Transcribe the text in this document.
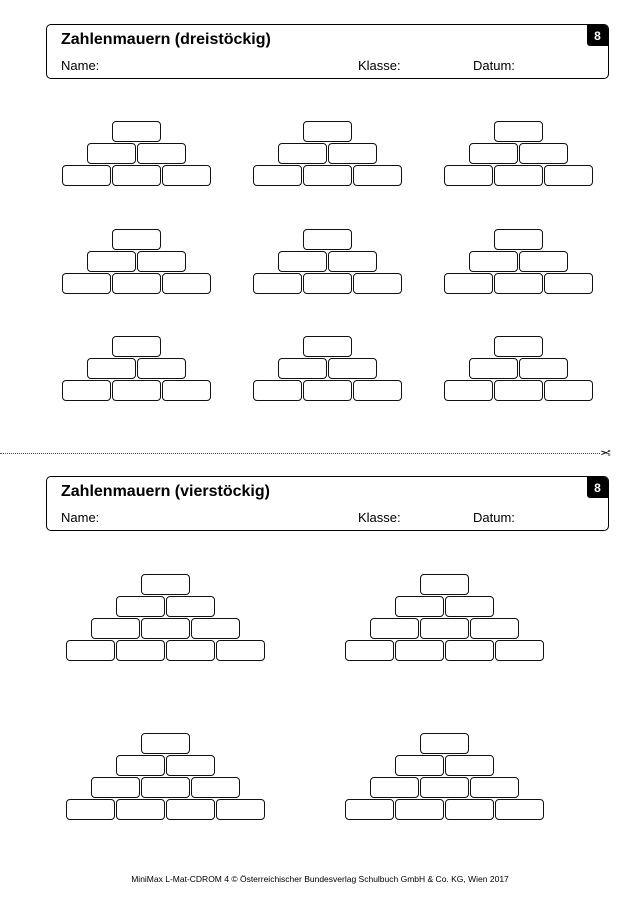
Zahlenmauern (dreistöckig)
Name:	Klasse:	Datum:
8
✂
Zahlenmauern (vierstöckig)
Name:	Klasse:	Datum:
8
MiniMax L-Mat-CDROM 4 © Österreichischer Bundesverlag Schulbuch GmbH & Co. KG, Wien 2017
